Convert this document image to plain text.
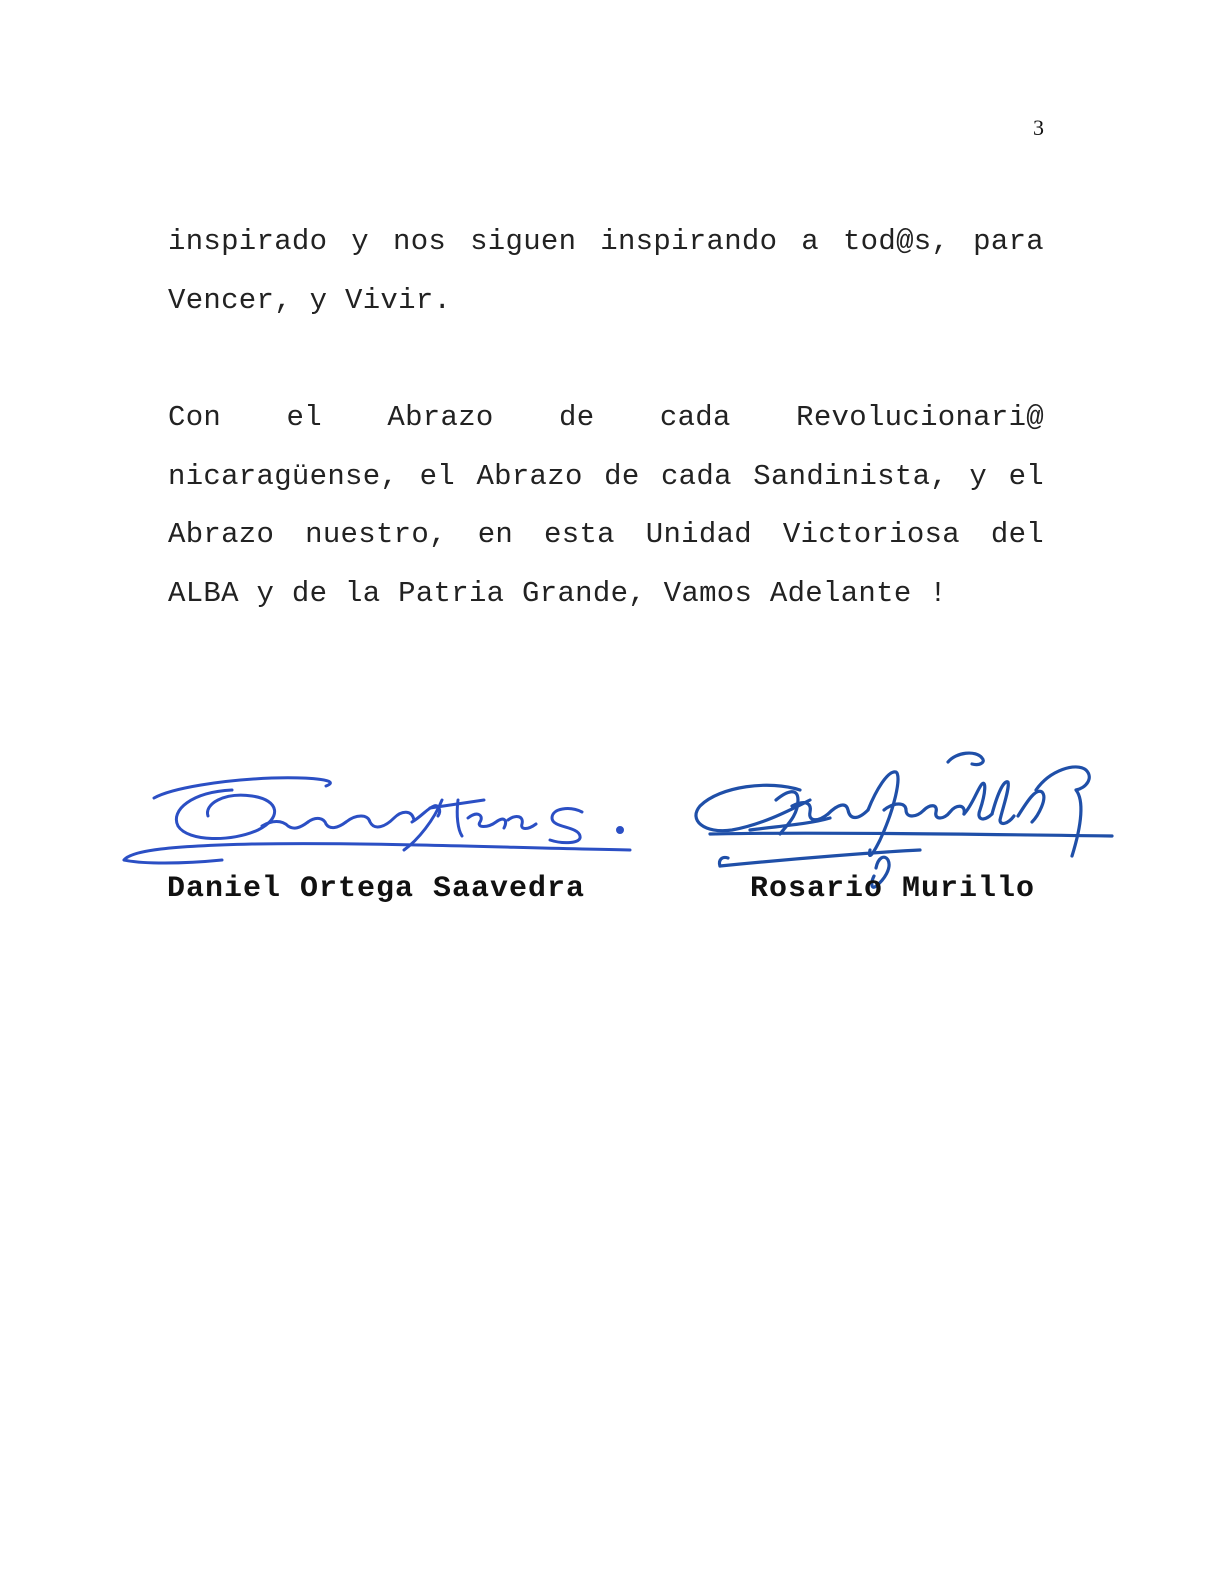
3

inspirado y nos siguen inspirando a tod@s, para Vencer, y Vivir.

Con el Abrazo de cada Revolucionari@ nicaragüense, el Abrazo de cada Sandinista, y el Abrazo nuestro, en esta Unidad Victoriosa del ALBA y de la Patria Grande, Vamos Adelante !

Daniel Ortega Saavedra	Rosario Murillo
